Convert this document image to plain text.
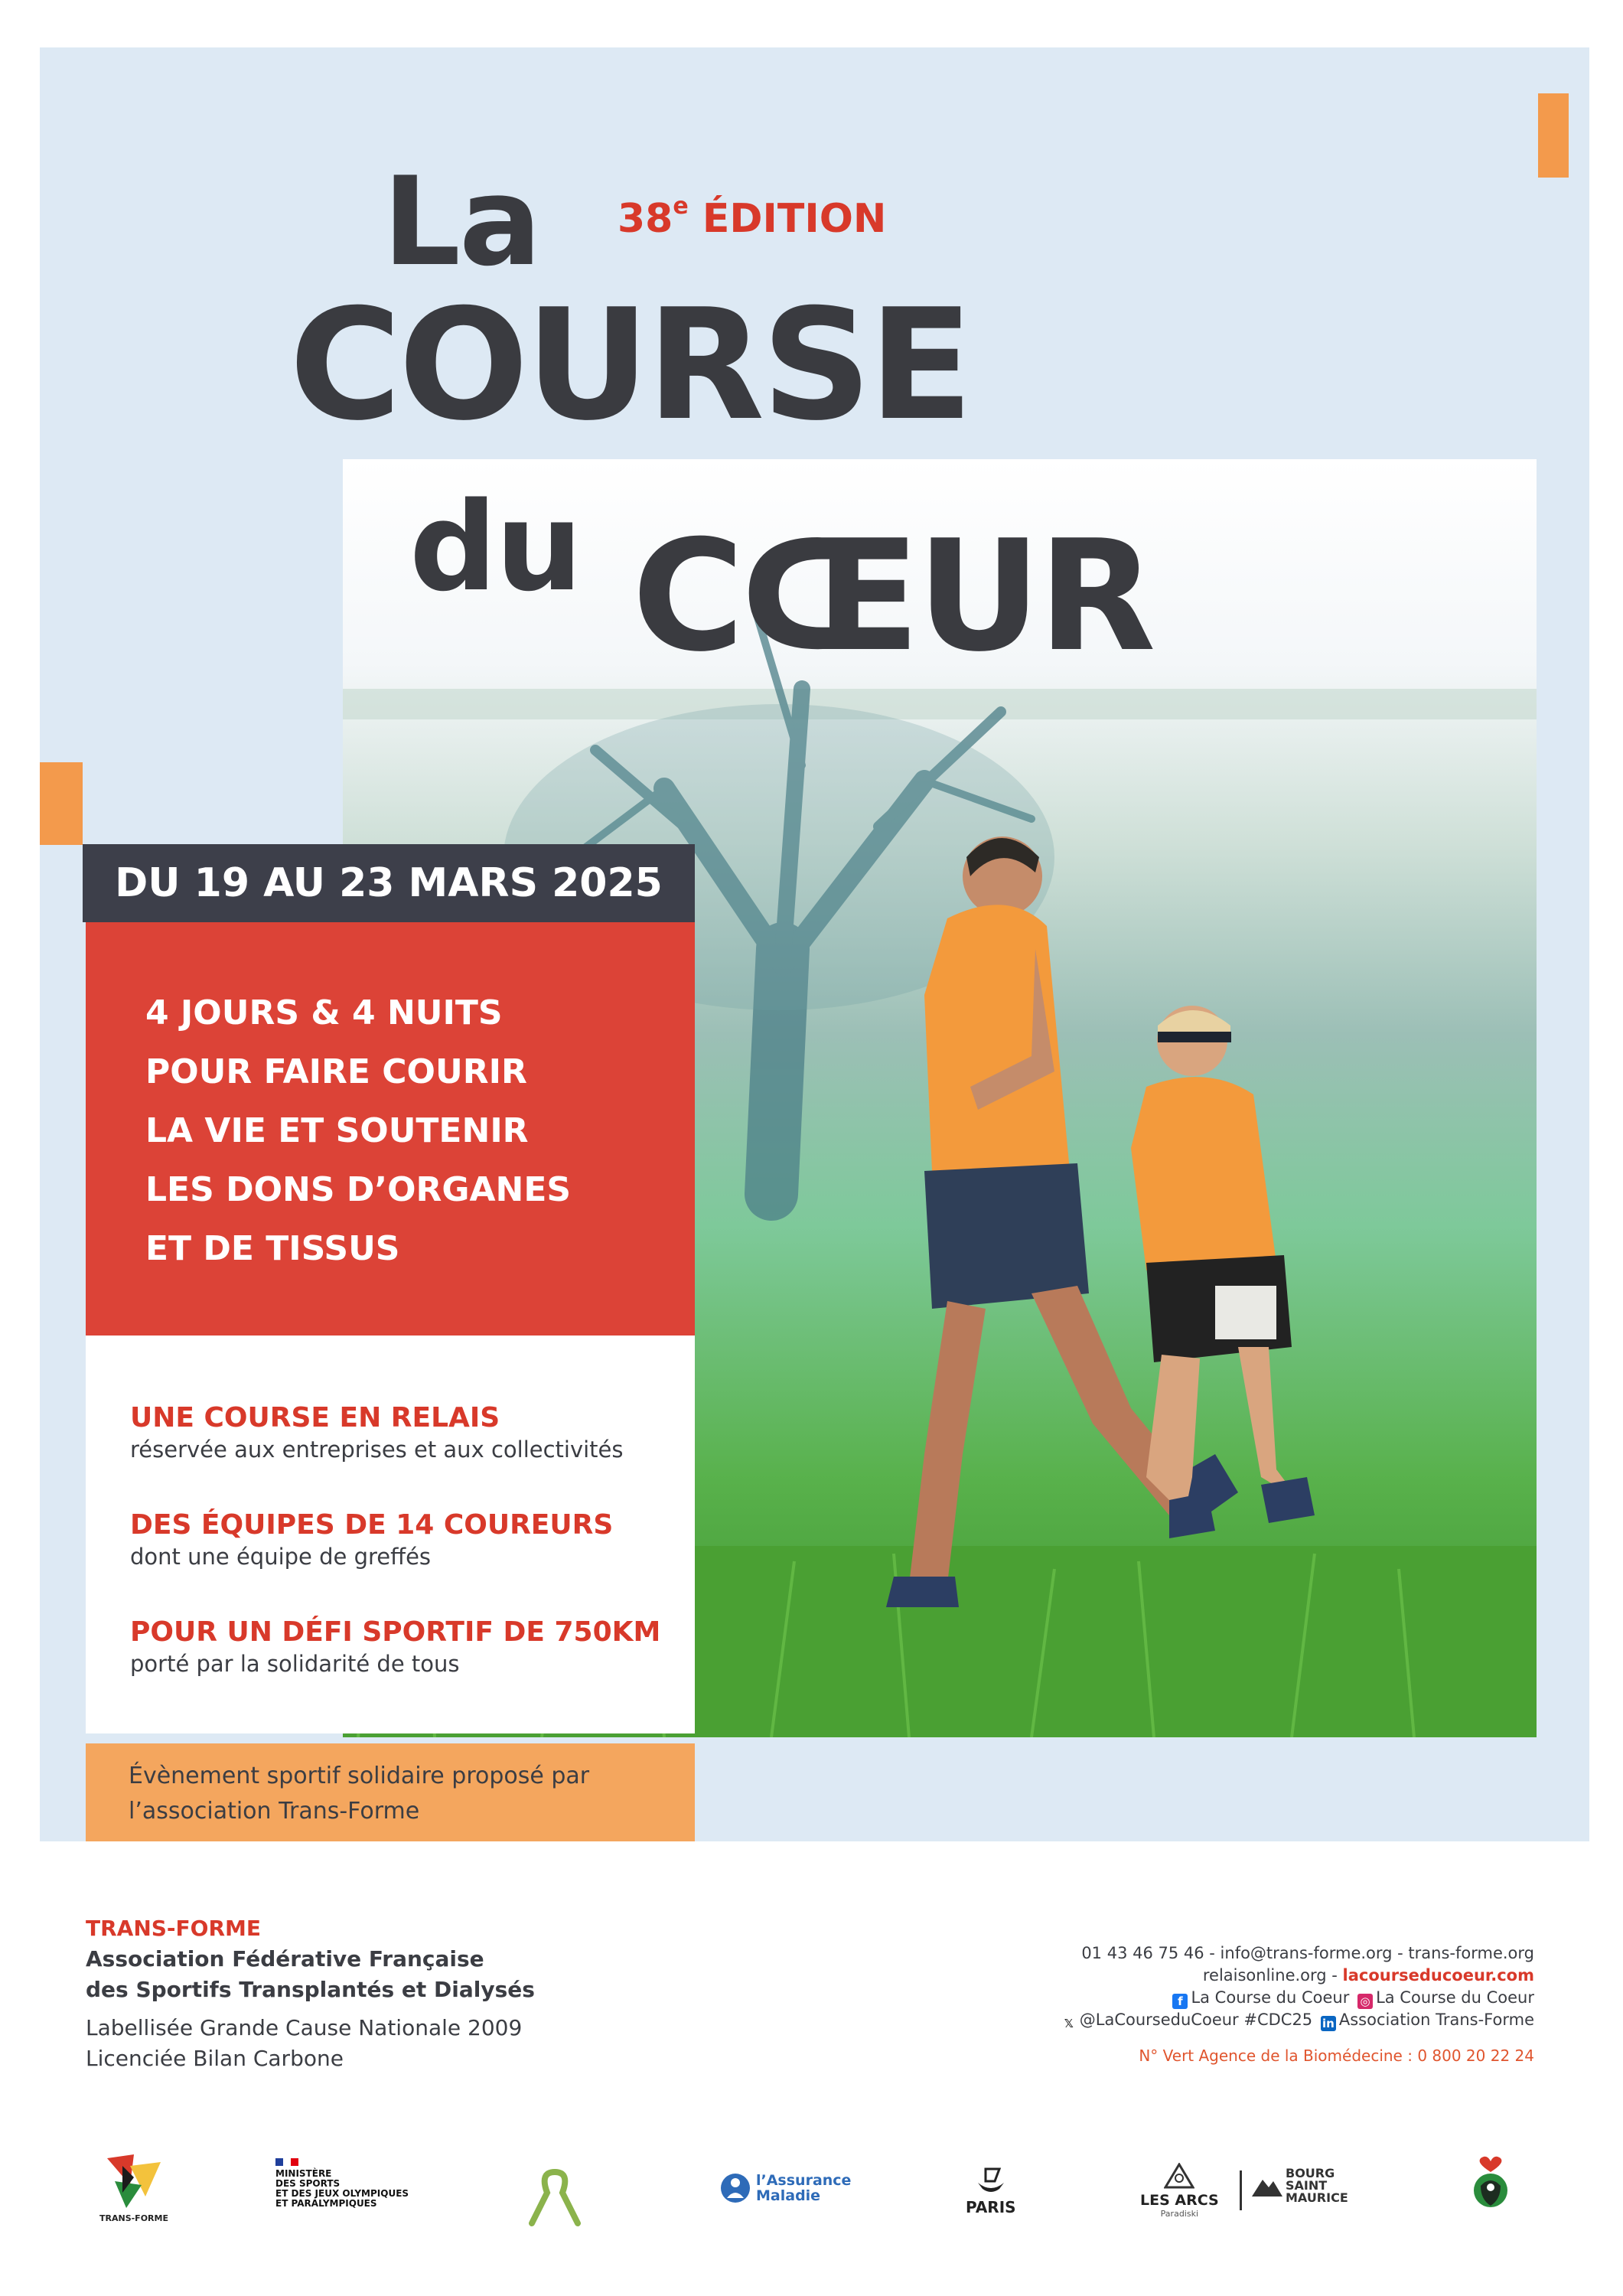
La 38e ÉDITION
COURSE
du CŒUR
DU 19 AU 23 MARS 2025
4 JOURS & 4 NUITS
POUR FAIRE COURIR
LA VIE ET SOUTENIR
LES DONS D’ORGANES
ET DE TISSUS
UNE COURSE EN RELAIS
réservée aux entreprises et aux collectivités
DES ÉQUIPES DE 14 COUREURS
dont une équipe de greffés
POUR UN DÉFI SPORTIF DE 750KM
porté par la solidarité de tous
Évènement sportif solidaire proposé par
l’association Trans-Forme
TRANS-FORME
Association Fédérative Française
des Sportifs Transplantés et Dialysés
Labellisée Grande Cause Nationale 2009
Licenciée Bilan Carbone
01 43 46 75 46 - info@trans-forme.org - trans-forme.org
relaisonline.org - lacourseducoeur.com
f La Course du Coeur ◎ La Course du Coeur
𝕏 @LaCourseduCoeur #CDC25 in Association Trans-Forme
N° Vert Agence de la Biomédecine : 0 800 20 22 24
TRANS-FORME
MINISTÈRE
DES SPORTS
ET DES JEUX OLYMPIQUES
ET PARALYMPIQUES
l’Assurance
Maladie
PARIS	LES ARCS
Paradiski
BOURG
SAINT
MAURICE
